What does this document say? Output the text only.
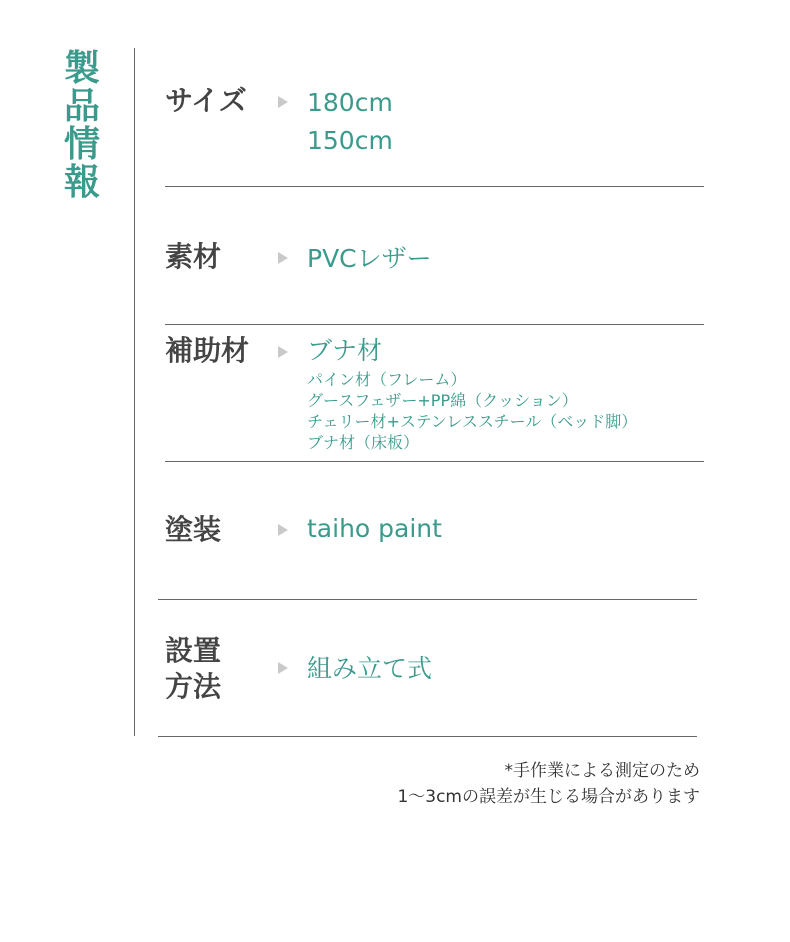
製
品
情
報
サイズ 180cm
150cm
素材	PVCレザー
補助材 ブナ材
パイン材（フレーム）
グースフェザー+PP綿（クッション）
チェリー材+ステンレススチール（ベッド脚）
ブナ材（床板）
塗装	taiho paint
設置
方法
組み立て式
*手作業による測定のため
1〜3cmの誤差が生じる場合があります
